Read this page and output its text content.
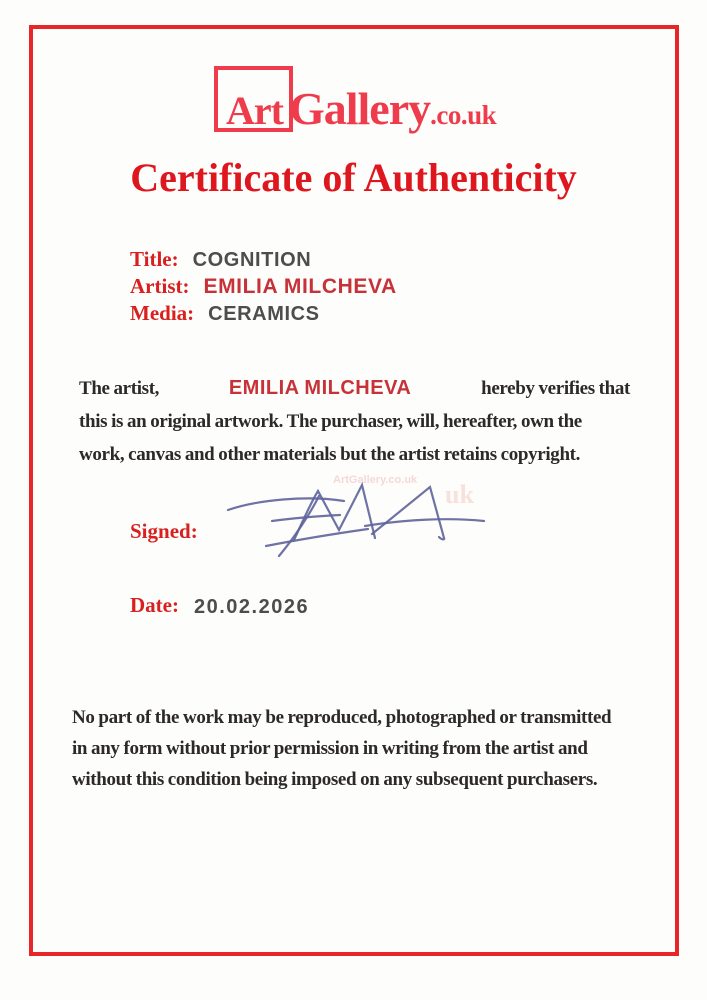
Art Gallery.co.uk
Certificate of Authenticity
Title: COGNITION
Artist: EMILIA MILCHEVA
Media: CERAMICS
The artist,	EMILIA MILCHEVA	hereby verifies that
this is an original artwork. The purchaser, will, hereafter, own the
work, canvas and other materials but the artist retains copyright.
ArtGallery.co.uk uk
Signed:
Date: 20.02.2026
No part of the work may be reproduced, photographed or transmitted
in any form without prior permission in writing from the artist and
without this condition being imposed on any subsequent purchasers.
